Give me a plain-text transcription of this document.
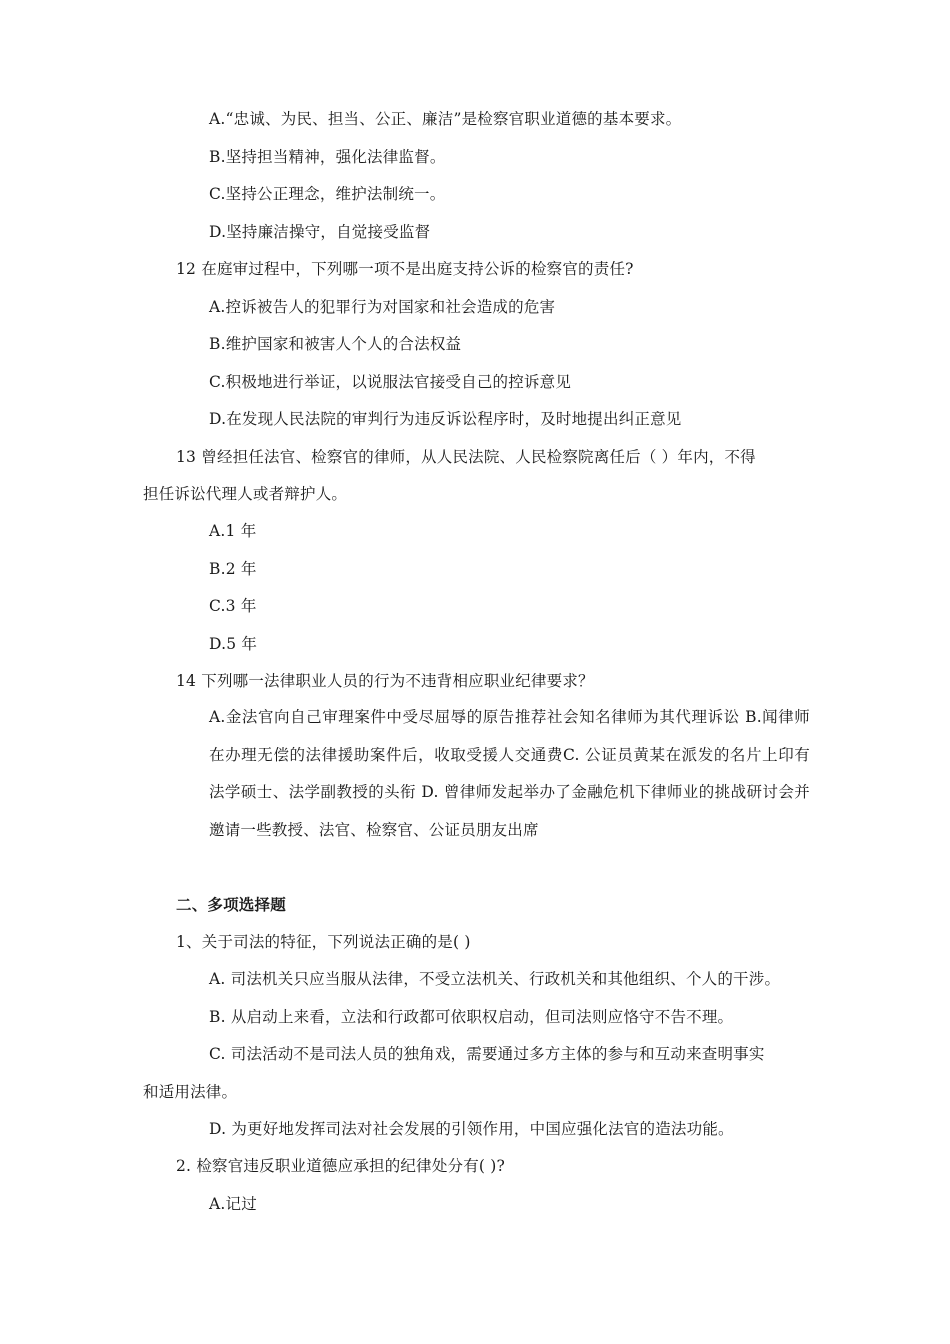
A.“忠诚、为民、担当、公正、廉洁”是检察官职业道德的基本要求。
B.坚持担当精神，强化法律监督。
C.坚持公正理念，维护法制统一。
D.坚持廉洁操守，自觉接受监督
12 在庭审过程中，下列哪一项不是出庭支持公诉的检察官的责任?
A.控诉被告人的犯罪行为对国家和社会造成的危害
B.维护国家和被害人个人的合法权益
C.积极地进行举证，以说服法官接受自己的控诉意见
D.在发现人民法院的审判行为违反诉讼程序时，及时地提出纠正意见
13 曾经担任法官、检察官的律师，从人民法院、人民检察院离任后（ ）年内，不得
担任诉讼代理人或者辩护人。
A.1 年
B.2 年
C.3 年
D.5 年
14 下列哪一法律职业人员的行为不违背相应职业纪律要求？
A.金法官向自己审理案件中受尽屈辱的原告推荐社会知名律师为其代理诉讼 B.闻律师在办理无偿的法律援助案件后，收取受援人交通费C. 公证员黄某在派发的名片上印有法学硕士、法学副教授的头衔 D. 曾律师发起举办了金融危机下律师业的挑战研讨会并邀请一些教授、法官、检察官、公证员朋友出席
二、多项选择题
1、关于司法的特征，下列说法正确的是( )
A. 司法机关只应当服从法律，不受立法机关、行政机关和其他组织、个人的干涉。
B. 从启动上来看，立法和行政都可依职权启动，但司法则应恪守不告不理。
C. 司法活动不是司法人员的独角戏，需要通过多方主体的参与和互动来查明事实
和适用法律。
D. 为更好地发挥司法对社会发展的引领作用，中国应强化法官的造法功能。
2. 检察官违反职业道德应承担的纪律处分有( )?
A.记过
